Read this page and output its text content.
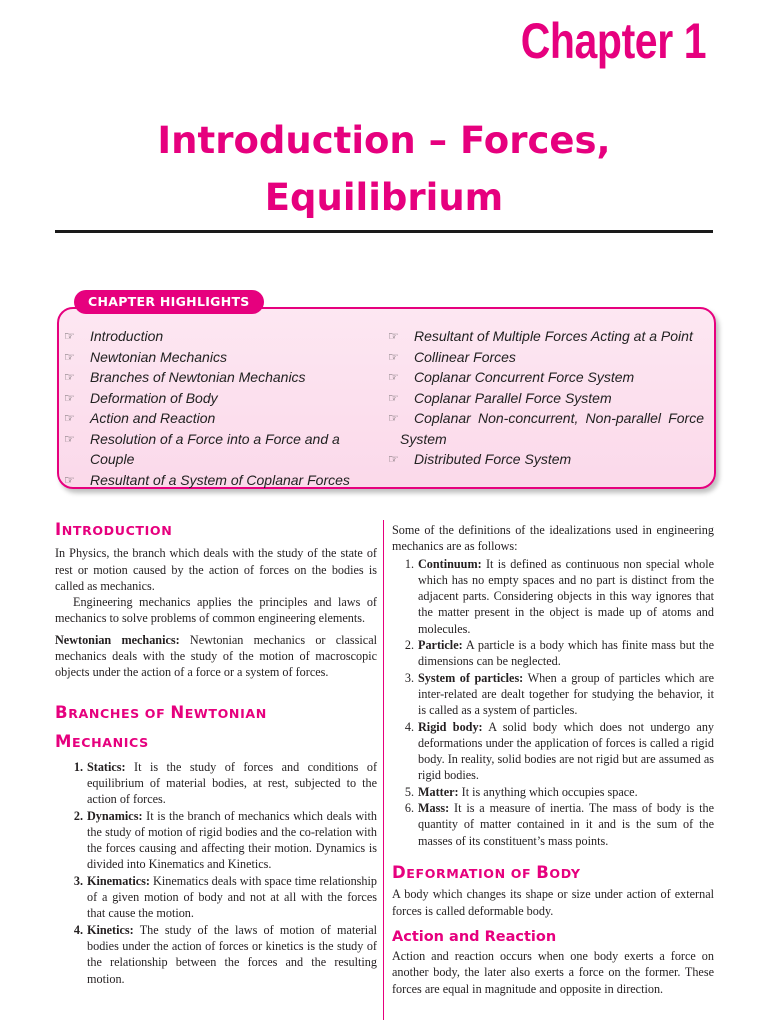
Chapter 1
Introduction – Forces,
Equilibrium
CHAPTER HIGHLIGHTS
☞ Introduction
☞ Newtonian Mechanics
☞ Branches of Newtonian Mechanics
☞ Deformation of Body
☞ Action and Reaction
☞ Resolution of a Force into a Force and a Couple
☞ Resultant of a System of Coplanar Forces
☞ Resultant of Multiple Forces Acting at a Point
☞ Collinear Forces
☞ Coplanar Concurrent Force System
☞ Coplanar Parallel Force System
☞ Coplanar Non-concurrent, Non-parallel Force System
☞ Distributed Force System
INTRODUCTION

In Physics, the branch which deals with the study of the state of rest or motion caused by the action of forces on the bodies is called as mechanics.

Engineering mechanics applies the principles and laws of mechanics to solve problems of common engineering elements.

Newtonian mechanics: Newtonian mechanics or classical mechanics deals with the study of the motion of macroscopic objects under the action of a force or a system of forces.

BRANCHES OF NEWTONIAN
MECHANICS
1. Statics: It is the study of forces and conditions of equilibrium of material bodies, at rest, subjected to the action of forces.
2. Dynamics: It is the branch of mechanics which deals with the study of motion of rigid bodies and the co-relation with the forces causing and affecting their motion. Dynamics is divided into Kinematics and Kinetics.
3. Kinematics: Kinematics deals with space time relationship of a given motion of body and not at all with the forces that cause the motion.
4. Kinetics: The study of the laws of motion of material bodies under the action of forces or kinetics is the study of the relationship between the forces and the resulting motion.

Some of the definitions of the idealizations used in engineering mechanics are as follows:

1. Continuum: It is defined as continuous non special whole which has no empty spaces and no part is distinct from the adjacent parts. Considering objects in this way ignores that the matter present in the object is made up of atoms and molecules.
2. Particle: A particle is a body which has finite mass but the dimensions can be neglected.
3. System of particles: When a group of particles which are inter-related are dealt together for studying the behavior, it is called as a system of particles.
4. Rigid body: A solid body which does not undergo any deformations under the application of forces is called a rigid body. In reality, solid bodies are not rigid but are assumed as rigid bodies.
5. Matter: It is anything which occupies space.
6. Mass: It is a measure of inertia. The mass of body is the quantity of matter contained in it and is the sum of the masses of its constituent’s mass points.
DEFORMATION OF BODY

A body which changes its shape or size under action of external forces is called deformable body.

Action and Reaction

Action and reaction occurs when one body exerts a force on another body, the later also exerts a force on the former. These forces are equal in magnitude and opposite in direction.
